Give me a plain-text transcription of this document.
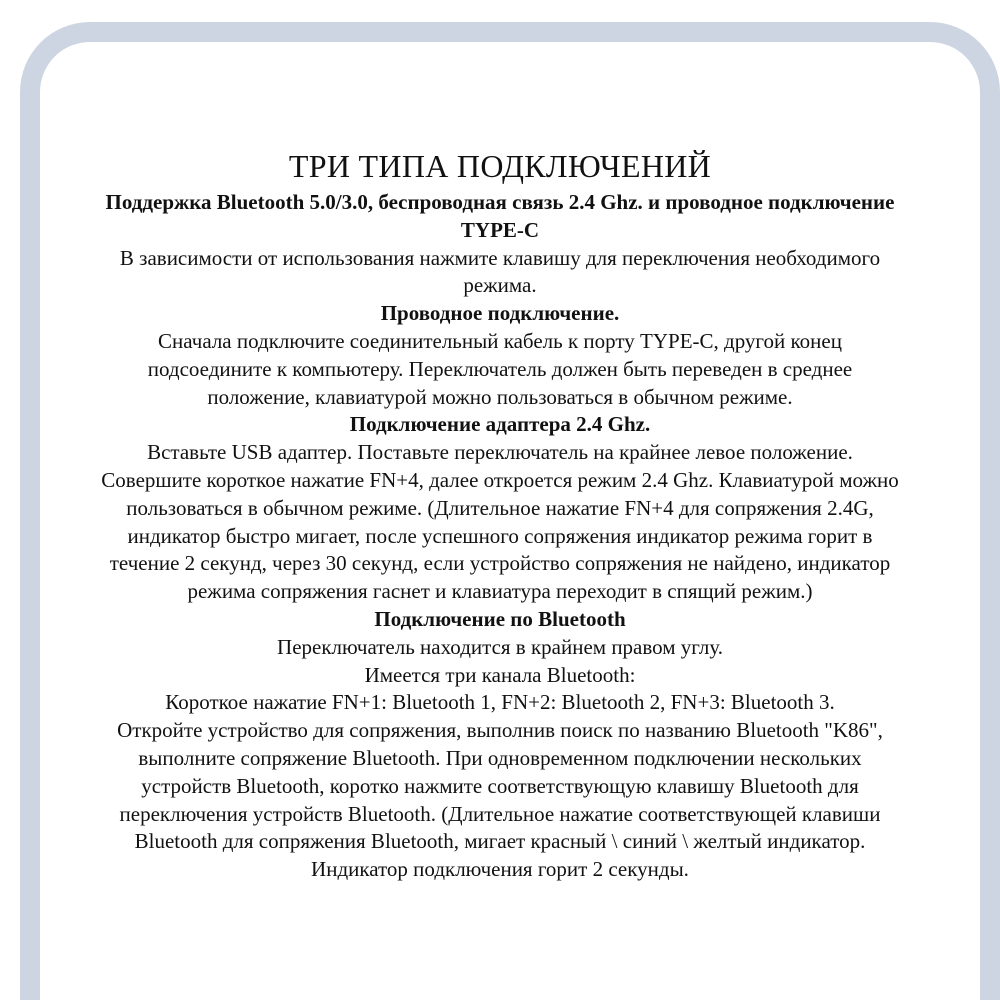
ТРИ ТИПА ПОДКЛЮЧЕНИЙ

Поддержка Bluetooth 5.0/3.0, беспроводная связь 2.4 Ghz. и проводное подключение

TYPE-C

В зависимости от использования нажмите клавишу для переключения необходимого

режима.

Проводное подключение.

Сначала подключите соединительный кабель к порту TYPE-C, другой конец

подсоедините к компьютеру. Переключатель должен быть переведен в среднее

положение, клавиатурой можно пользоваться в обычном режиме.

Подключение адаптера 2.4 Ghz.

Вставьте USB адаптер. Поставьте переключатель на крайнее левое положение.

Совершите короткое нажатие FN+4, далее откроется режим 2.4 Ghz. Клавиатурой можно

пользоваться в обычном режиме. (Длительное нажатие FN+4 для сопряжения 2.4G,

индикатор быстро мигает, после успешного сопряжения индикатор режима горит в

течение 2 секунд, через 30 секунд, если устройство сопряжения не найдено, индикатор

режима сопряжения гаснет и клавиатура переходит в спящий режим.)

Подключение по Bluetooth

Переключатель находится в крайнем правом углу.

Имеется три канала Bluetooth:

Короткое нажатие FN+1: Bluetooth 1, FN+2: Bluetooth 2, FN+3: Bluetooth 3.

Откройте устройство для сопряжения, выполнив поиск по названию Bluetooth "K86",

выполните сопряжение Bluetooth. При одновременном подключении нескольких

устройств Bluetooth, коротко нажмите соответствующую клавишу Bluetooth для

переключения устройств Bluetooth. (Длительное нажатие соответствующей клавиши

Bluetooth для сопряжения Bluetooth, мигает красный \ синий \ желтый индикатор.

Индикатор подключения горит 2 секунды.
